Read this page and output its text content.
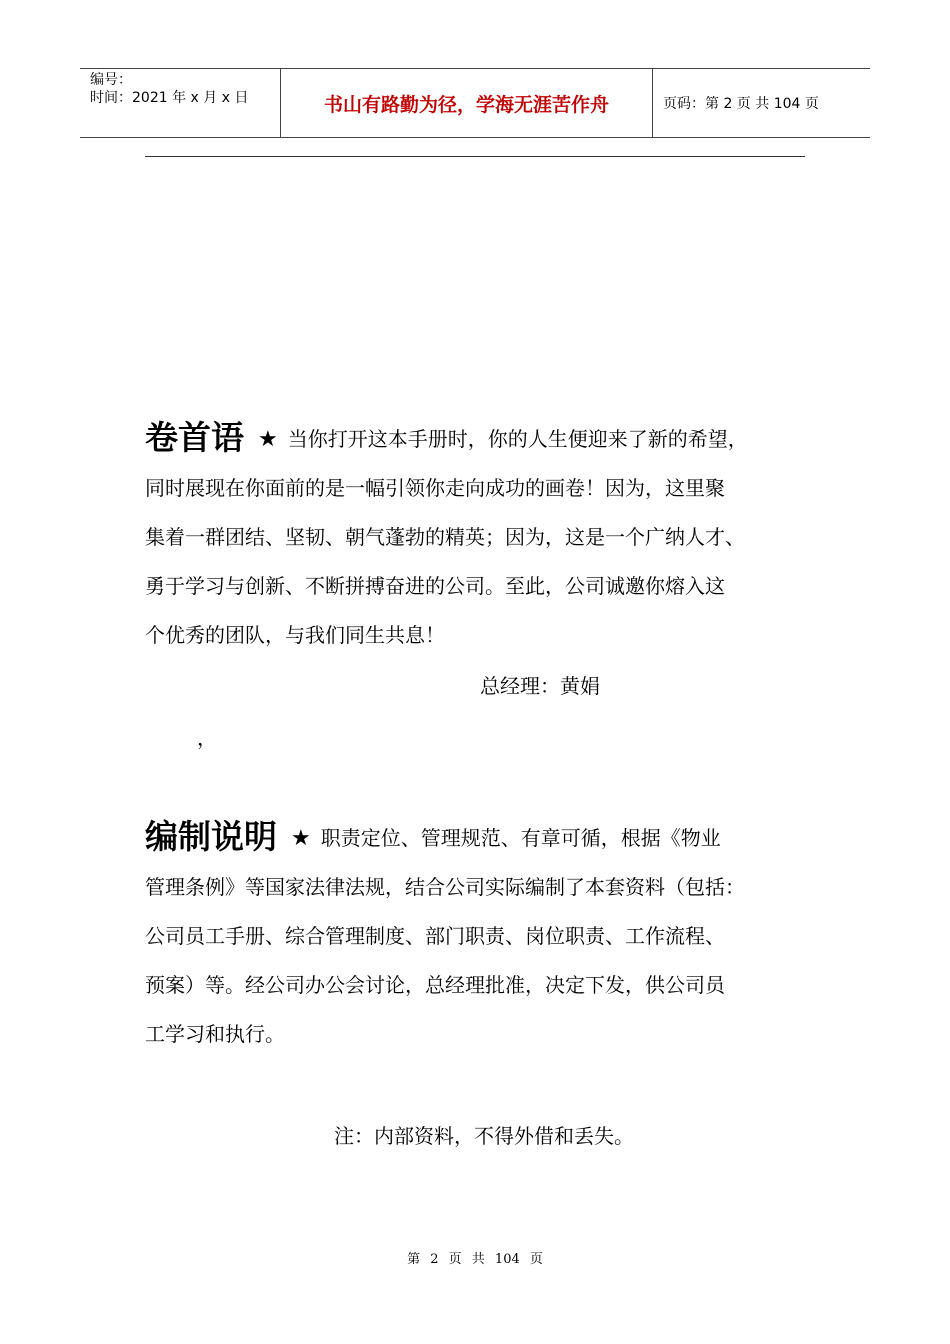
编号：
时间：2021 年 x 月 x 日	书山有路勤为径，学海无涯苦作舟	页码：第 2 页 共 104 页
卷首语 ★ 当你打开这本手册时，你的人生便迎来了新的希望，
同时展现在你面前的是一幅引领你走向成功的画卷！因为，这里聚
集着一群团结、坚韧、朝气蓬勃的精英；因为，这是一个广纳人才、
勇于学习与创新、不断拼搏奋进的公司。至此，公司诚邀你熔入这
个优秀的团队，与我们同生共息！
总经理：黄娟
，
编制说明 ★ 职责定位、管理规范、有章可循，根据《物业
管理条例》等国家法律法规，结合公司实际编制了本套资料（包括：
公司员工手册、综合管理制度、部门职责、岗位职责、工作流程、
预案）等。经公司办公会讨论，总经理批准，决定下发，供公司员
工学习和执行。
注：内部资料，不得外借和丢失。
第 2 页 共 104 页
